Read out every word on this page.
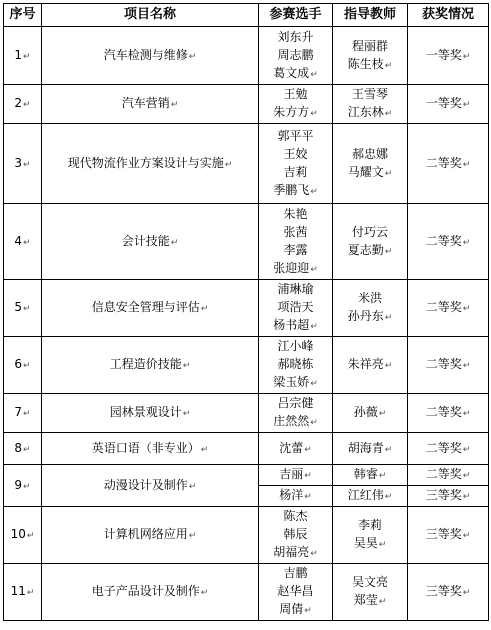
序号	项目名称	参赛选手	指导教师	获奖情况
1↵	汽车检测与维修↵	刘东升
周志鹏
葛文成↵	程丽群
陈生枝↵	一等奖↵
2↵	汽车营销↵	王勉
朱方方↵	王雪琴
江东林↵	一等奖↵
3↵	现代物流作业方案设计与实施↵	郭平平
王姣
吉莉
季鹏飞↵	郝忠娜
马耀文↵	二等奖↵
4↵	会计技能↵	朱艳
张茜
李露
张迎迎↵	付巧云
夏志勤↵	二等奖↵
5↵	信息安全管理与评估↵	浦琳瑜
项浩天
杨书超↵	米洪
孙丹东↵	二等奖↵
6↵	工程造价技能↵	江小峰
郝晓栋
梁玉娇↵	朱祥亮↵	二等奖↵
7↵	园林景观设计↵	吕宗健
庄然然↵	孙薇↵	二等奖↵
8↵	英语口语（非专业）↵	沈蕾↵	胡海青↵	二等奖↵
9↵	动漫设计及制作↵	吉丽↵	韩睿↵	二等奖↵
		杨洋↵	江红伟↵	三等奖↵
10↵	计算机网络应用↵	陈杰
韩辰
胡福亮↵	李莉
吴昊↵	三等奖↵
11↵	电子产品设计及制作↵	吉鹏
赵华昌
周倩↵	吴文亮
郑莹↵	三等奖↵
